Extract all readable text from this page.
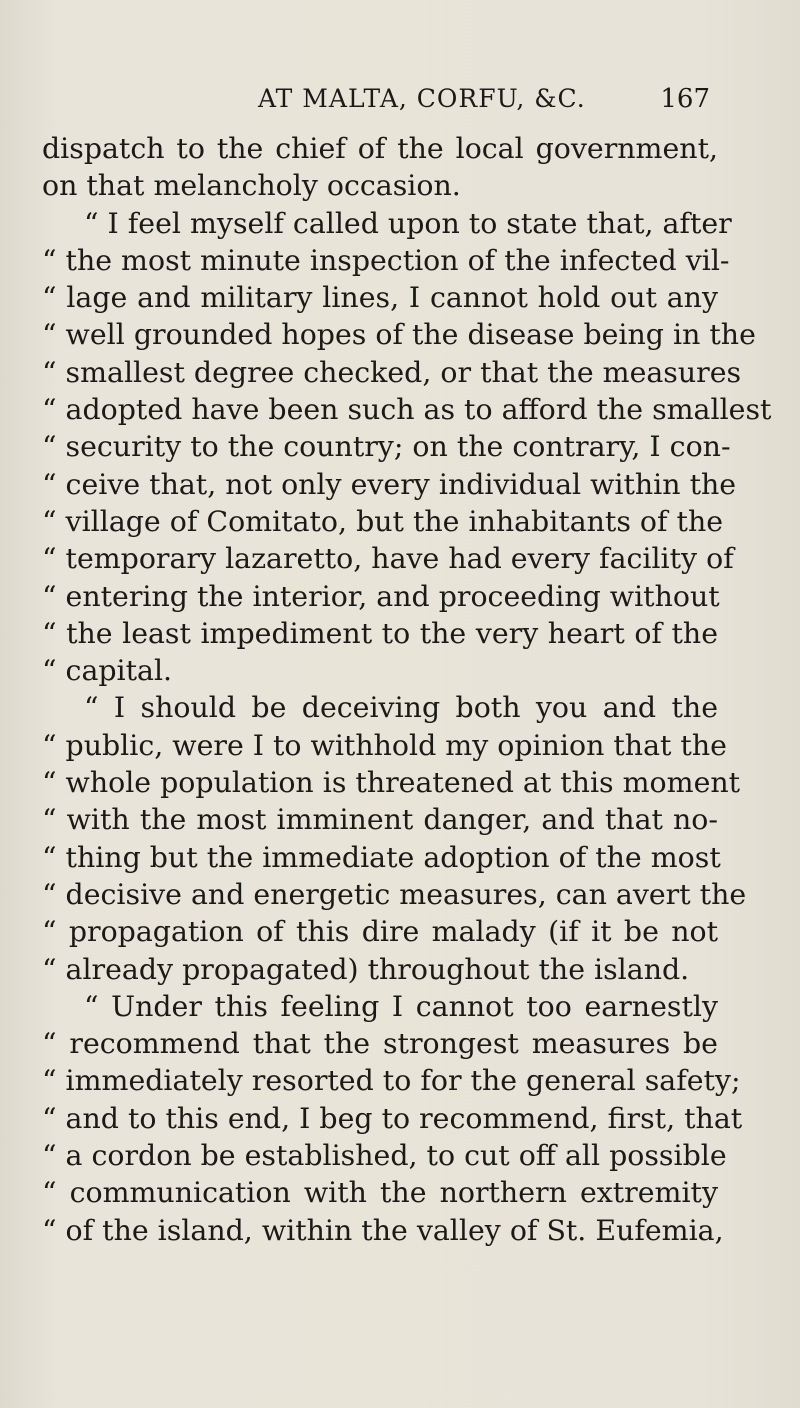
AT MALTA, CORFU, &C.	167
dispatch to the chief of the local government,
on that melancholy occasion.
“ I feel myself called upon to state that, after
“ the most minute inspection of the infected vil-
“ lage and military lines, I cannot hold out any
“ well grounded hopes of the disease being in the
“ smallest degree checked, or that the measures
“ adopted have been such as to afford the smallest
“ security to the country; on the contrary, I con-
“ ceive that, not only every individual within the
“ village of Comitato, but the inhabitants of the
“ temporary lazaretto, have had every facility of
“ entering the interior, and proceeding without
“ the least impediment to the very heart of the
“ capital.
“ I should be deceiving both you and the
“ public, were I to withhold my opinion that the
“ whole population is threatened at this moment
“ with the most imminent danger, and that no-
“ thing but the immediate adoption of the most
“ decisive and energetic measures, can avert the
“ propagation of this dire malady (if it be not
“ already propagated) throughout the island.
“ Under this feeling I cannot too earnestly
“ recommend that the strongest measures be
“ immediately resorted to for the general safety;
“ and to this end, I beg to recommend, first, that
“ a cordon be established, to cut off all possible
“ communication with the northern extremity
“ of the island, within the valley of St. Eufemia,
